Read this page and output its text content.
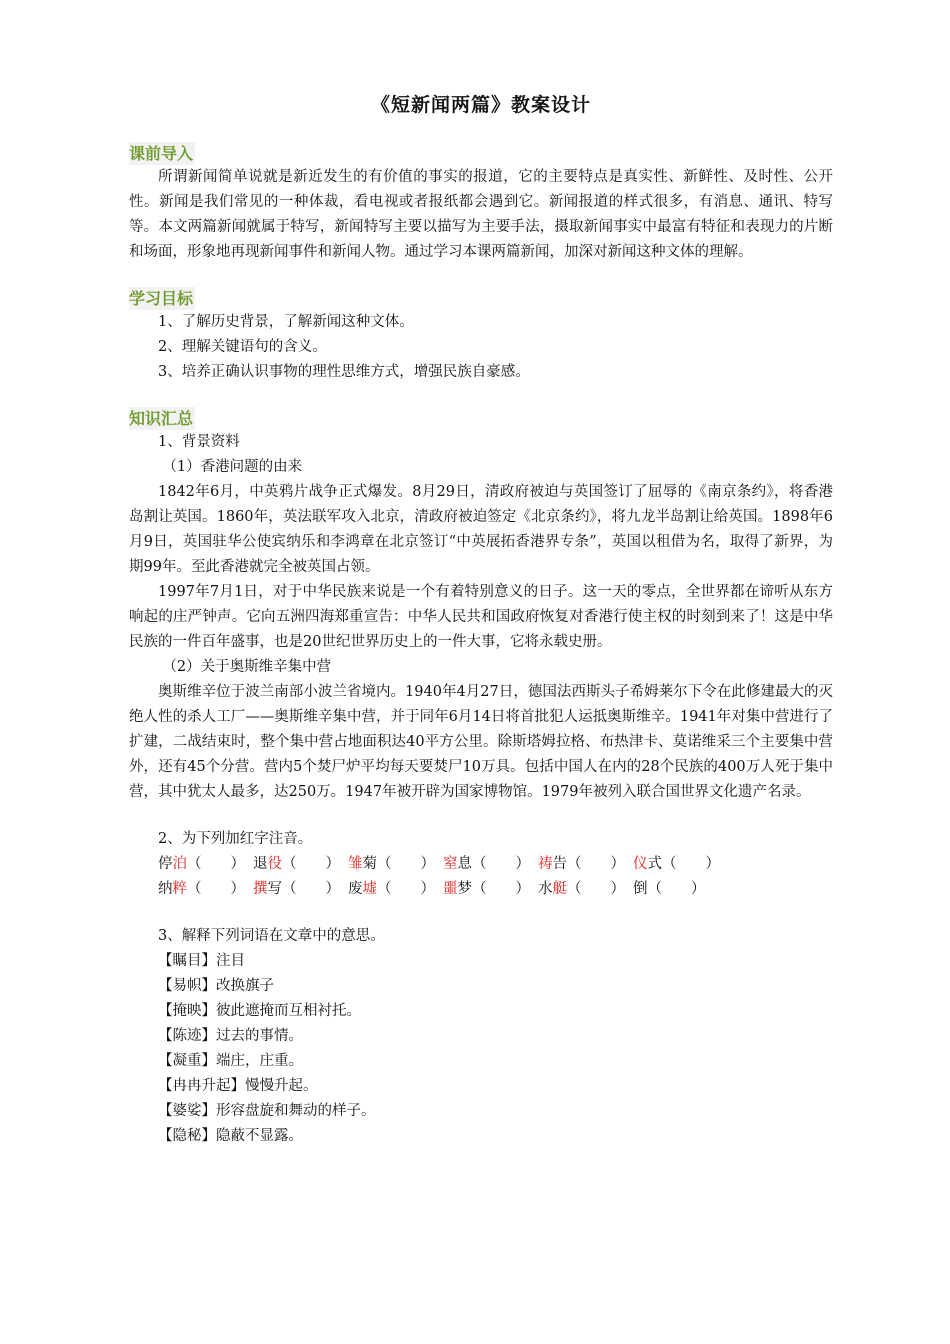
《短新闻两篇》教案设计
课前导入

所谓新闻简单说就是新近发生的有价值的事实的报道，它的主要特点是真实性、新鲜性、及时性、公开性。新闻是我们常见的一种体裁，看电视或者报纸都会遇到它。新闻报道的样式很多，有消息、通讯、特写等。本文两篇新闻就属于特写，新闻特写主要以描写为主要手法，摄取新闻事实中最富有特征和表现力的片断和场面，形象地再现新闻事件和新闻人物。通过学习本课两篇新闻，加深对新闻这种文体的理解。

学习目标
1、了解历史背景，了解新闻这种文体。
2、理解关键语句的含义。
3、培养正确认识事物的理性思维方式，增强民族自豪感。
知识汇总
1、背景资料
（1）香港问题的由来

1842年6月，中英鸦片战争正式爆发。8月29日，清政府被迫与英国签订了屈辱的《南京条约》，将香港岛割让英国。1860年，英法联军攻入北京，清政府被迫签定《北京条约》，将九龙半岛割让给英国。1898年6月9日，英国驻华公使宾纳乐和李鸿章在北京签订“中英展拓香港界专条”，英国以租借为名，取得了新界，为期99年。至此香港就完全被英国占领。

1997年7月1日，对于中华民族来说是一个有着特别意义的日子。这一天的零点，全世界都在谛听从东方响起的庄严钟声。它向五洲四海郑重宣告：中华人民共和国政府恢复对香港行使主权的时刻到来了！这是中华民族的一件百年盛事，也是20世纪世界历史上的一件大事，它将永载史册。

（2）关于奥斯维辛集中营

奥斯维辛位于波兰南部小波兰省境内。1940年4月27日，德国法西斯头子希姆莱尔下令在此修建最大的灭绝人性的杀人工厂——奥斯维辛集中营，并于同年6月14日将首批犯人运抵奥斯维辛。1941年对集中营进行了扩建，二战结束时，整个集中营占地面积达40平方公里。除斯塔姆拉格、布热津卡、莫诺维采三个主要集中营外，还有45个分营。营内5个焚尸炉平均每天要焚尸10万具。包括中国人在内的28个民族的400万人死于集中营，其中犹太人最多，达250万。1947年被开辟为国家博物馆。1979年被列入联合国世界文化遗产名录。

2、为下列加红字注音。
停泊（　　） 退役（　　） 雏菊（　　） 窒息（　　） 祷告（　　） 仪式（　　）
纳粹（　　） 撰写（　　） 废墟（　　） 噩梦（　　） 水艇（　　） 倒（　　）
3、解释下列词语在文章中的意思。
【瞩目】注目
【易帜】改换旗子
【掩映】彼此遮掩而互相衬托。
【陈迹】过去的事情。
【凝重】端庄，庄重。
【冉冉升起】慢慢升起。
【婆娑】形容盘旋和舞动的样子。
【隐秘】隐蔽不显露。
